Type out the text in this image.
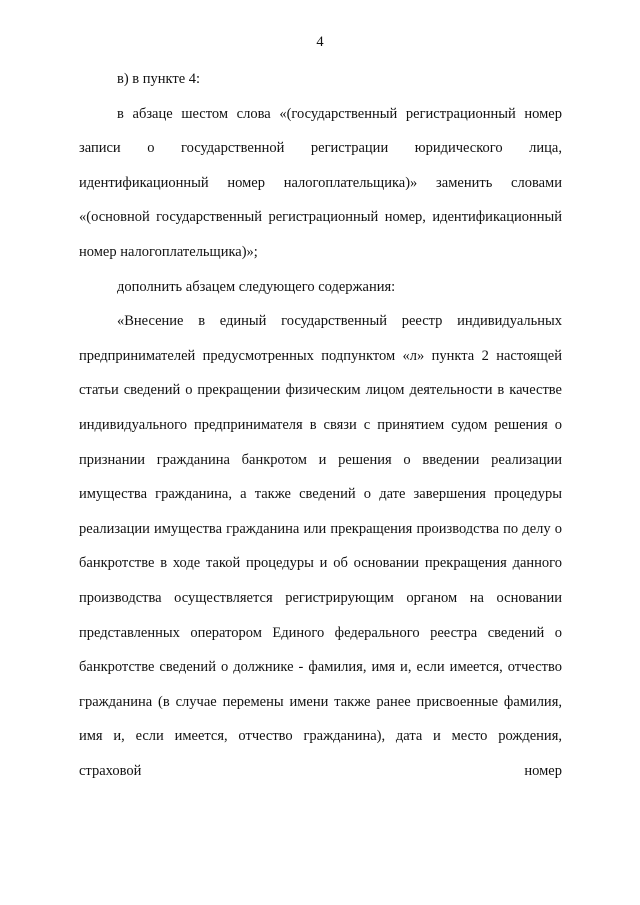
4

в) в пункте 4:

в абзаце шестом слова «(государственный регистрационный номер записи о государственной регистрации юридического лица, идентификационный номер налогоплательщика)» заменить словами «(основной государственный регистрационный номер, идентификационный номер налогоплательщика)»;

дополнить абзацем следующего содержания:

«Внесение в единый государственный реестр индивидуальных предпринимателей предусмотренных подпунктом «л» пункта 2 настоящей статьи сведений о прекращении физическим лицом деятельности в качестве индивидуального предпринимателя в связи с принятием судом решения о признании гражданина банкротом и решения о введении реализации имущества гражданина, а также сведений о дате завершения процедуры реализации имущества гражданина или прекращения производства по делу о банкротстве в ходе такой процедуры и об основании прекращения данного производства осуществляется регистрирующим органом на основании представленных оператором Единого федерального реестра сведений о банкротстве сведений о должнике - фамилия, имя и, если имеется, отчество гражданина (в случае перемены имени также ранее присвоенные фамилия, имя и, если имеется, отчество гражданина), дата и место рождения, страховой номер
